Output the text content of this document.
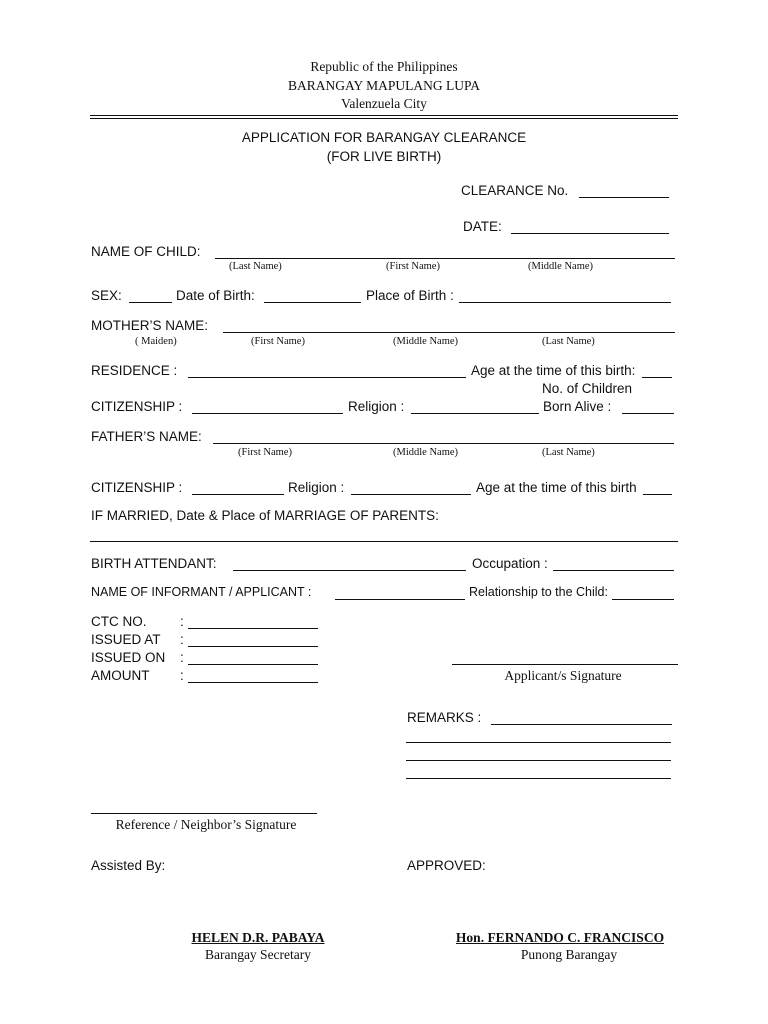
Republic of the Philippines
BARANGAY MAPULANG LUPA
Valenzuela City
APPLICATION FOR BARANGAY CLEARANCE
(FOR LIVE BIRTH)
CLEARANCE No.
DATE:
NAME OF CHILD:
(Last Name)	(First Name)	(Middle Name)
SEX:	Date of Birth:	Place of Birth :
MOTHER’S NAME:
( Maiden)	(First Name)	(Middle Name)	(Last Name)
RESIDENCE :	Age at the time of this birth:
No. of Children
CITIZENSHIP :	Religion :	Born Alive :
FATHER’S NAME:
(First Name)	(Middle Name)	(Last Name)
CITIZENSHIP :	Religion :	Age at the time of this birth
IF MARRIED, Date & Place of MARRIAGE OF PARENTS:
BIRTH ATTENDANT:	Occupation :
NAME OF INFORMANT / APPLICANT :	Relationship to the Child:
CTC NO. :
ISSUED AT :
ISSUED ON :
AMOUNT :	Applicant/s Signature
REMARKS :
Reference / Neighbor’s Signature
Assisted By:	APPROVED:
HELEN D.R. PABAYA
Barangay Secretary
Hon. FERNANDO C. FRANCISCO
Punong Barangay
